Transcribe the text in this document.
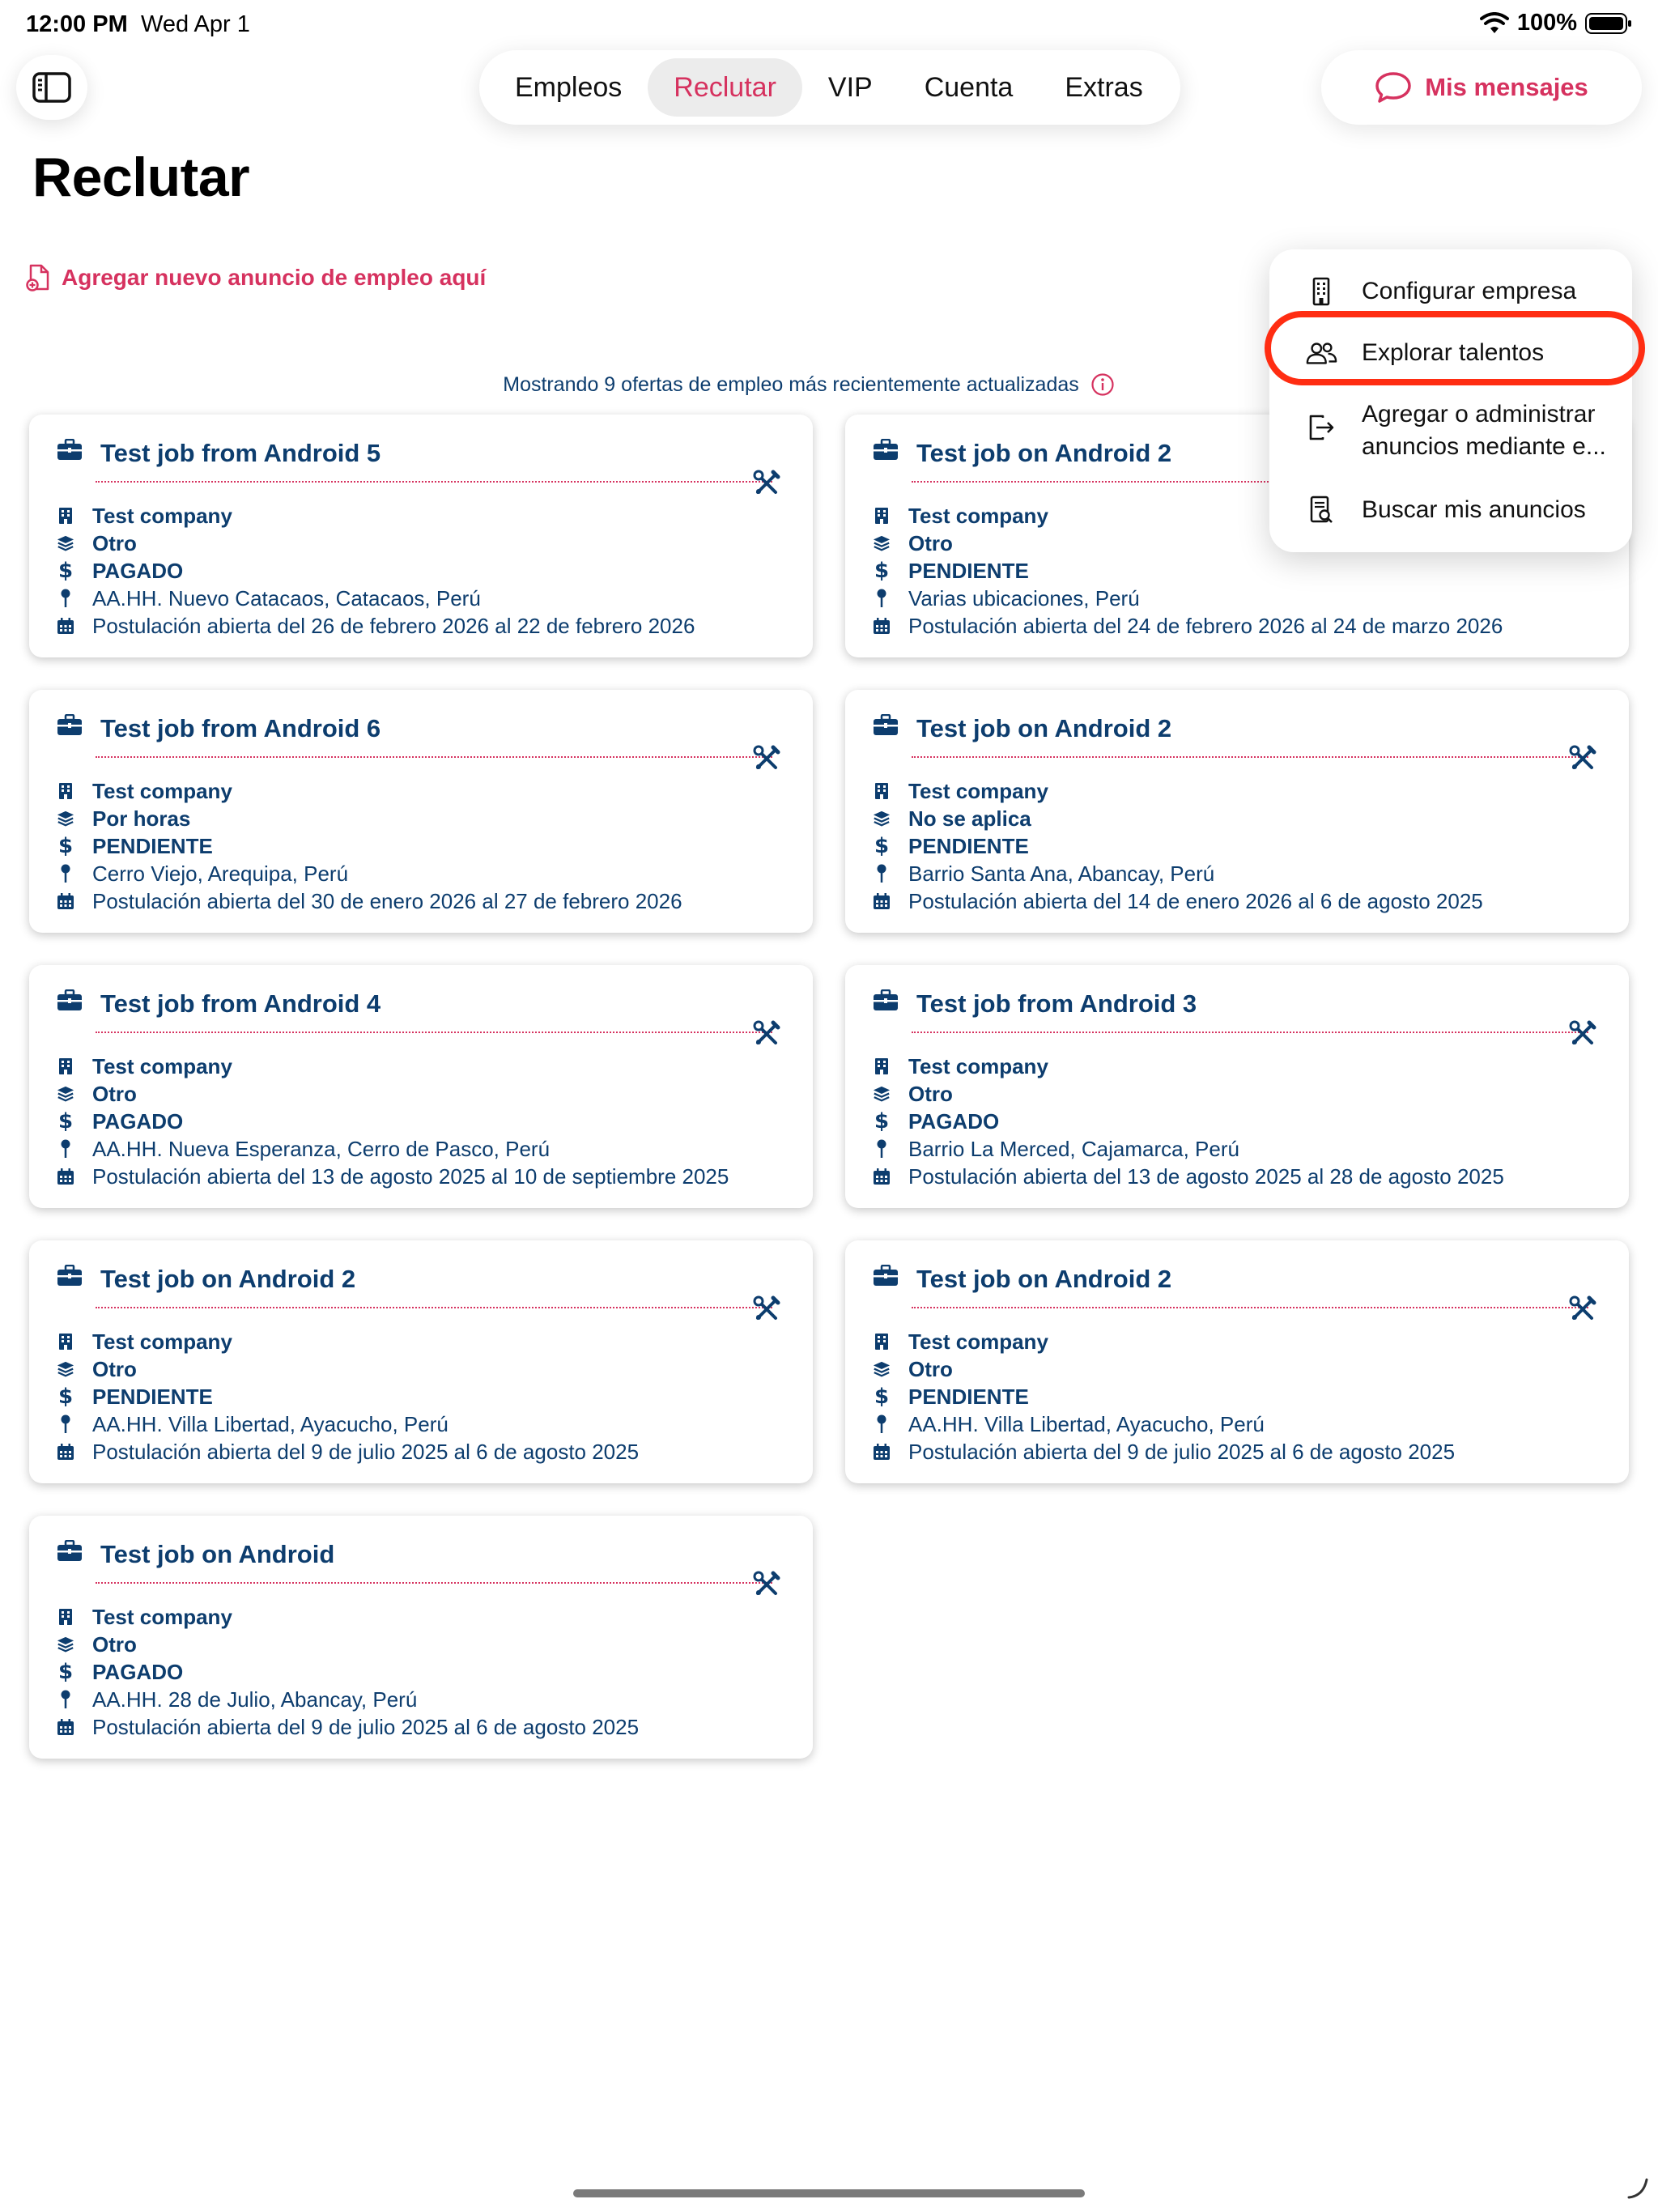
12:00 PM Wed Apr 1	100%
Empleos	Reclutar	VIP	Cuenta	Extras	Mis mensajes
Reclutar
Agregar nuevo anuncio de empleo aquí
Mostrando 9 ofertas de empleo más recientemente actualizadas
Test job from Android 5
Test company
Otro
$ PAGADO
AA.HH. Nuevo Catacaos, Catacaos, Perú
Postulación abierta del 26 de febrero 2026 al 22 de febrero 2026
Test job on Android 2
Test company
Otro
$ PENDIENTE
Varias ubicaciones, Perú
Postulación abierta del 24 de febrero 2026 al 24 de marzo 2026
Test job from Android 6
Test company
Por horas
$ PENDIENTE
Cerro Viejo, Arequipa, Perú
Postulación abierta del 30 de enero 2026 al 27 de febrero 2026
Test job on Android 2
Test company
No se aplica
$ PENDIENTE
Barrio Santa Ana, Abancay, Perú
Postulación abierta del 14 de enero 2026 al 6 de agosto 2025
Test job from Android 4
Test company
Otro
$ PAGADO
AA.HH. Nueva Esperanza, Cerro de Pasco, Perú
Postulación abierta del 13 de agosto 2025 al 10 de septiembre 2025
Test job from Android 3
Test company
Otro
$ PAGADO
Barrio La Merced, Cajamarca, Perú
Postulación abierta del 13 de agosto 2025 al 28 de agosto 2025
Test job on Android 2
Test company
Otro
$ PENDIENTE
AA.HH. Villa Libertad, Ayacucho, Perú
Postulación abierta del 9 de julio 2025 al 6 de agosto 2025
Test job on Android 2
Test company
Otro
$ PENDIENTE
AA.HH. Villa Libertad, Ayacucho, Perú
Postulación abierta del 9 de julio 2025 al 6 de agosto 2025
Test job on Android
Test company
Otro
$ PAGADO
AA.HH. 28 de Julio, Abancay, Perú
Postulación abierta del 9 de julio 2025 al 6 de agosto 2025
Configurar empresa
Explorar talentos
Agregar o administrar
anuncios mediante e...
Buscar mis anuncios
